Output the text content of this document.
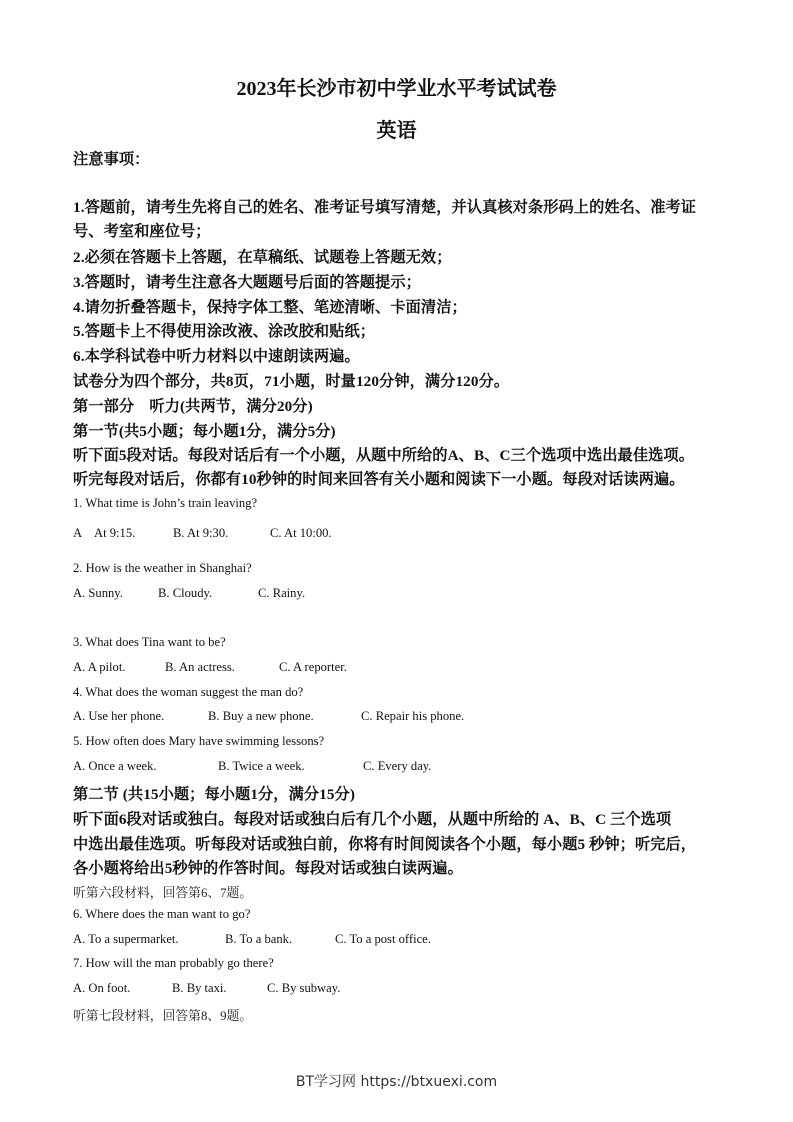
2023年长沙市初中学业水平考试试卷
英语
注意事项：
1.答题前，请考生先将自己的姓名、准考证号填写清楚，并认真核对条形码上的姓名、准考证
号、考室和座位号；
2.必须在答题卡上答题，在草稿纸、试题卷上答题无效；
3.答题时，请考生注意各大题题号后面的答题提示；
4.请勿折叠答题卡，保持字体工整、笔迹清晰、卡面清洁；
5.答题卡上不得使用涂改液、涂改胶和贴纸；
6.本学科试卷中听力材料以中速朗读两遍。
试卷分为四个部分，共8页，71小题，时量120分钟，满分120分。
第一部分　听力(共两节，满分20分)
第一节(共5小题；每小题1分，满分5分)
听下面5段对话。每段对话后有一个小题，从题中所给的A、B、C三个选项中选出最佳选项。
听完每段对话后，你都有10秒钟的时间来回答有关小题和阅读下一小题。每段对话读两遍。
1. What time is John’s train leaving?
A　At 9:15.	B. At 9:30.	C. At 10:00.
2. How is the weather in Shanghai?
A. Sunny.	B. Cloudy.	C. Rainy.
3. What does Tina want to be?
A. A pilot.	B. An actress.	C. A reporter.
4. What does the woman suggest the man do?
A. Use her phone.	B. Buy a new phone.	C. Repair his phone.
5. How often does Mary have swimming lessons?
A. Once a week.	B. Twice a week.	C. Every day.
第二节 (共15小题；每小题1分，满分15分)
听下面6段对话或独白。每段对话或独白后有几个小题，从题中所给的 A、B、C 三个选项
中选出最佳选项。听每段对话或独白前，你将有时间阅读各个小题，每小题5 秒钟；听完后，
各小题将给出5秒钟的作答时间。每段对话或独白读两遍。
听第六段材料，回答第6、7题。
6. Where does the man want to go?
A. To a supermarket.	B. To a bank.	C. To a post office.
7. How will the man probably go there?
A. On foot.	B. By taxi.	C. By subway.
听第七段材料，回答第8、9题。
BT学习网 https://btxuexi.com
